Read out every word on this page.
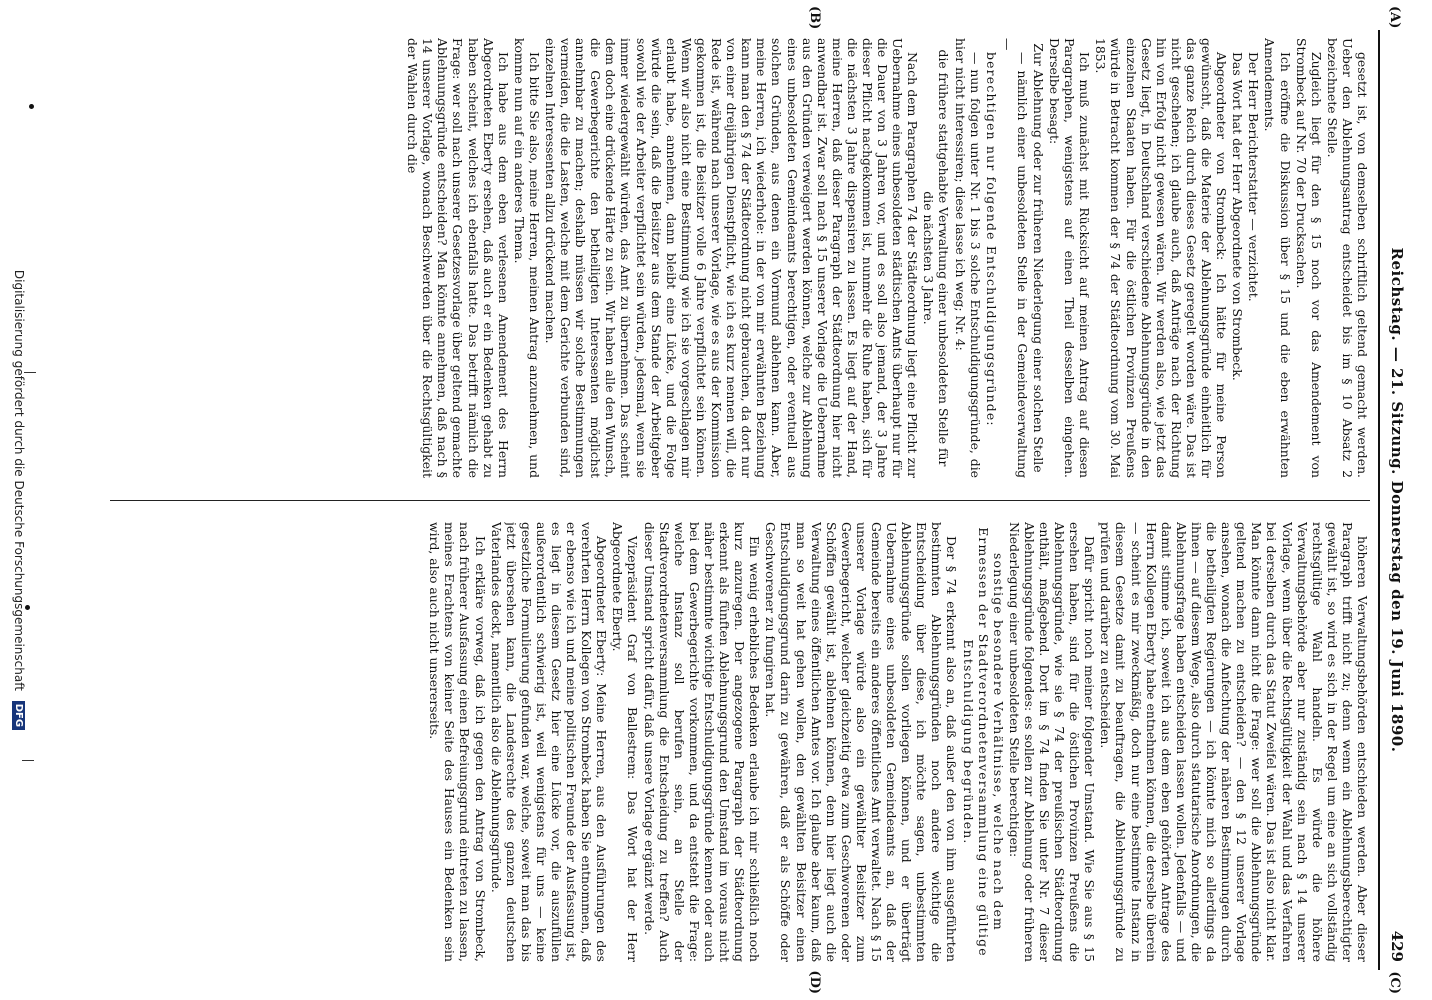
Reichstag. — 21. Sitzung. Donnerstag den 19. Juni 1890.
429
(A)
(B)
(C)
(D)

gesetzt ist, von demselben schriftlich geltend gemacht werden. Ueber den Ablehnungsantrag entscheidet bis im § 10 Absatz 2 bezeichnete Stelle.

Zugleich liegt für den § 15 noch vor das Amendement von Strombeck auf Nr. 70 der Drucksachen.

Ich eröffne die Diskussion über § 15 und die eben erwähnten Amendements.

Der Herr Berichterstatter — verzichtet.

Das Wort hat der Herr Abgeordnete von Strombeck.

Abgeordneter von Strombeck: Ich hätte für meine Person gewünscht, daß die Materie der Ablehnungsgründe einheitlich für das ganze Reich durch dieses Gesetz geregelt worden wäre. Das ist nicht geschehen; ich glaube auch, daß Anträge nach der Richtung hin von Erfolg nicht gewesen wären. Wir werden also, wie jetzt das Gesetz liegt, in Deutschland verschiedene Ablehnungsgründe in den einzelnen Staaten haben. Für die östlichen Provinzen Preußens würde in Betracht kommen der § 74 der Städteordnung vom 30. Mai 1853.

Ich muß zunächst mit Rücksicht auf meinen Antrag auf diesen Paragraphen, wenigstens auf einen Theil desselben eingehen. Derselbe besagt:

Zur Ablehnung oder zur früheren Niederlegung einer solchen Stelle

— nämlich einer unbesoldeten Stelle in der Gemeindeverwaltung —

berechtigen nur folgende Entschuldigungsgründe:

— nun folgen unter Nr. 1 bis 3 solche Entschuldigungsgründe, die hier nicht interessiren; diese lasse ich weg; Nr. 4:

die frühere stattgehabte Verwaltung einer unbesoldeten Stelle für die nächsten 3 Jahre.

Nach dem Paragraphen 74 der Städteordnung liegt eine Pflicht zur Uebernahme eines unbesoldeten städtischen Amts überhaupt nur für die Dauer von 3 Jahren vor, und es soll also jemand, der 3 Jahre dieser Pflicht nachgekommen ist, nunmehr die Ruhe haben, sich für die nächsten 3 Jahre dispensiren zu lassen. Es liegt auf der Hand, meine Herren, daß dieser Paragraph der Städteordnung hier nicht anwendbar ist. Zwar soll nach § 15 unserer Vorlage die Uebernahme aus den Gründen verweigert werden können, welche zur Ablehnung eines unbesoldeten Gemeindeamts berechtigen, oder eventuell aus solchen Gründen, aus denen ein Vormund ablehnen kann. Aber, meine Herren, ich wiederhole: in der von mir erwähnten Beziehung kann man den § 74 der Städteordnung nicht gebrauchen, da dort nur von einer dreijährigen Dienstpflicht, wie ich es kurz nennen will, die Rede ist, während nach unserer Vorlage, wie es aus der Kommission gekommen ist, die Beisitzer volle 6 Jahre verpflichtet sein können. Wenn wir also nicht eine Bestimmung wie ich sie vorgeschlagen mir erlaubt habe, annehmen, dann bleibt eine Lücke, und die Folge würde die sein, daß die Beisitzer aus dem Stande der Arbeitgeber sowohl wie der Arbeiter verpflichtet sein würden, jedesmal, wenn sie immer wiedergewählt würden, das Amt zu übernehmen. Das scheint dem doch eine drückende Härte zu sein. Wir haben alle den Wunsch, die Gewerbegerichte den betheiligten Interessenten möglichst annehmbar zu machen; deshalb müssen wir solche Bestimmungen vermeiden, die die Lasten, welche mit dem Gerichte verbunden sind, einzelnen Interessenten allzu drückend machen.

Ich bitte Sie also, meine Herren, meinen Antrag anzunehmen, und komme nun auf ein anderes Thema.

Ich habe aus dem eben verlesenen Amendement des Herrn Abgeordneten Eberty ersehen, daß auch er ein Bedenken gehabt zu haben scheint, welches ich ebenfalls hatte. Das betrifft nämlich die Frage: wer soll nach unserer Gesetzesvorlage über geltend gemachte Ablehnungsgründe entscheiden? Man könnte annehmen, daß nach § 14 unserer Vorlage, wonach Beschwerden über die Rechtsgültigkeit der Wahlen durch die

höheren Verwaltungsbehörden entschieden werden. Aber dieser Paragraph trifft nicht zu; denn wenn ein Ablehnungsberechtigter gewählt ist, so wird es sich in der Regel um eine an sich vollständig rechtsgültige Wahl handeln. Es würde die höhere Verwaltungsbehörde aber nur zuständig sein nach § 14 unserer Vorlage, wenn über die Rechtsgültigkeit der Wahl und das Verfahren bei derselben durch das Statut Zweifel wären. Das ist also nicht klar. Man könnte dann nicht die Frage: wer soll die Ablehnungsgründe geltend machen zu entscheiden? — den § 12 unserer Vorlage ansehen, wonach die Anfechtung der näheren Bestimmungen durch die betheiligten Regierungen — ich könnte mich so allerdings da ihnen — auf diesem Wege, also durch statutarische Anordnungen, die Ablehnungsfrage haben entscheiden lassen wollen. Jedenfalls — und damit stimme ich, soweit ich aus dem eben gehörten Antrage des Herrn Kollegen Eberty habe entnehmen können, die derselbe überein — scheint es mir zweckmäßig, doch nur eine bestimmte Instanz in diesem Gesetze damit zu beauftragen, die Ablehnungsgründe zu prüfen und darüber zu entscheiden.

Dafür spricht noch meiner folgender Umstand. Wie Sie aus § 15 ersehen haben, sind für die östlichen Provinzen Preußens die Ablehnungsgründe, wie sie § 74 der preußischen Städteordnung enthält, maßgebend. Dort im § 74 finden Sie unter Nr. 7 dieser Ablehnungsgründe folgendes: es sollen zur Ablehnung oder früheren Niederlegung einer unbesoldeten Stelle berechtigen:

sonstige besondere Verhältnisse, welche nach dem Ermessen der Stadtverordnetenversammlung eine gültige Entschuldigung begründen.

Der § 74 erkennt also an, daß außer den von ihm ausgeführten bestimmten Ablehnungsgründen noch andere wichtige die Entscheidung über diese, ich möchte sagen, unbestimmten Ablehnungsgründe sollen vorliegen können, und er überträgt Uebernahme eines unbesoldeten Gemeindeamts an, daß der Gemeinde bereits ein anderes öffentliches Amt verwaltet. Nach § 15 unserer Vorlage würde also ein gewählter Beisitzer zum Gewerbegericht, welcher gleichzeitig etwa zum Geschworenen oder Schöffen gewählt ist, ablehnen können, denn hier liegt auch die Verwaltung eines öffentlichen Amtes vor. Ich glaube aber kaum, daß man so weit hat gehen wollen, den gewählten Beisitzer einen Entschuldigungsgrund darin zu gewähren, daß er als Schöffe oder Geschworener zu fungiren hat.

Ein wenig erhebliches Bedenken erlaube ich mir schließlich noch kurz anzuregen. Der angezogene Paragraph der Städteordnung erkennt als fünften Ablehnungsgrund den Umstand im voraus nicht näher bestimmte wichtige Entschuldigungsgründe kennen oder auch bei dem Gewerbegerichte vorkommen, und da entsteht die Frage: welche Instanz soll berufen sein, an Stelle der Stadtverordnetenversammlung die Entscheidung zu treffen? Auch dieser Umstand spricht dafür, daß unsere Vorlage ergänzt werde.

Vizepräsident Graf von Ballestrem: Das Wort hat der Herr Abgeordnete Eberty.

Abgeordneter Eberty: Meine Herren, aus den Ausführungen des verehrten Herrn Kollegen von Strombeck haben Sie entnommen, daß er ebenso wie ich und meine politischen Freunde der Ausfassung ist, es liegt in diesem Gesetz hier eine Lücke vor, die auszufüllen außerordentlich schwierig ist, weil wenigstens für uns — keine gesetzliche Formulierung gefunden war, welche, soweit man das bis jetzt übersehen kann, die Landesrechte des ganzen deutschen Vaterlandes deckt, namentlich also die Ablehnungsgründe.

Ich erkläre vorweg, daß ich gegen den Antrag von Strombeck, nach früherer Ausfassung einen Befreiungsgrund eintreten zu lassen, meines Erachtens von keiner Seite des Hauses ein Bedenken sein wird, also auch nicht unsererseits.

Digitalisierung gefördert durch die Deutsche Forschungsgemeinschaft DFG
